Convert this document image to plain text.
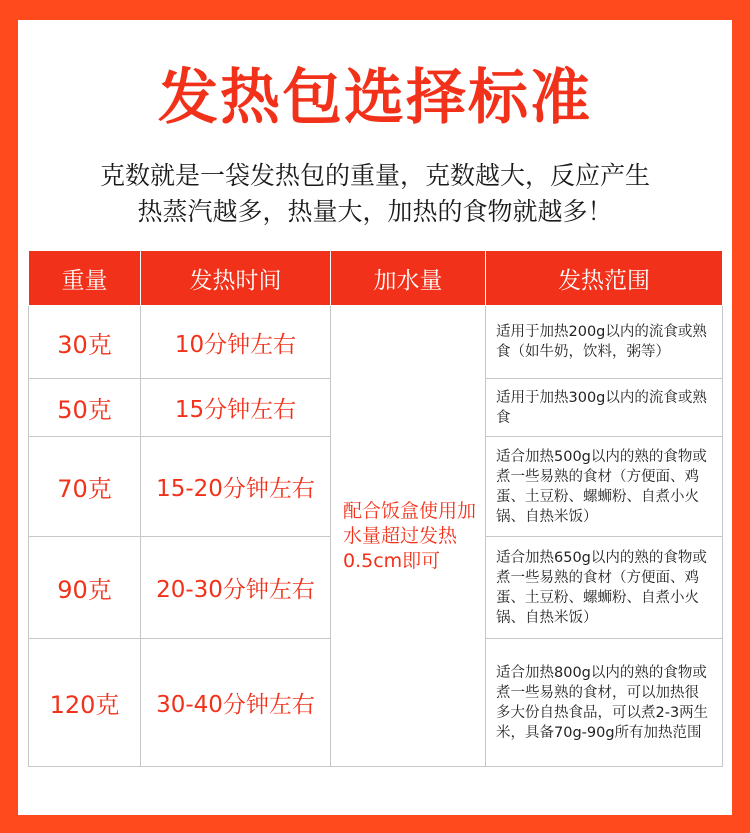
发热包选择标准
克数就是一袋发热包的重量，克数越大，反应产生
热蒸汽越多，热量大，加热的食物就越多！
重量	发热时间	加水量	发热范围
30克	10分钟左右	配合饭盒使用加水量超过发热0.5cm即可	适用于加热200g以内的流食或熟食（如牛奶，饮料，粥等）
50克	15分钟左右		适用于加热300g以内的流食或熟食
70克	15-20分钟左右		适合加热500g以内的熟的食物或煮一些易熟的食材（方便面、鸡蛋、土豆粉、螺蛳粉、自煮小火锅、自热米饭）
90克	20-30分钟左右		适合加热650g以内的熟的食物或煮一些易熟的食材（方便面、鸡蛋、土豆粉、螺蛳粉、自煮小火锅、自热米饭）
120克	30-40分钟左右		适合加热800g以内的熟的食物或煮一些易熟的食材，可以加热很多大份自热食品，可以煮2-3两生米，具备70g-90g所有加热范围
